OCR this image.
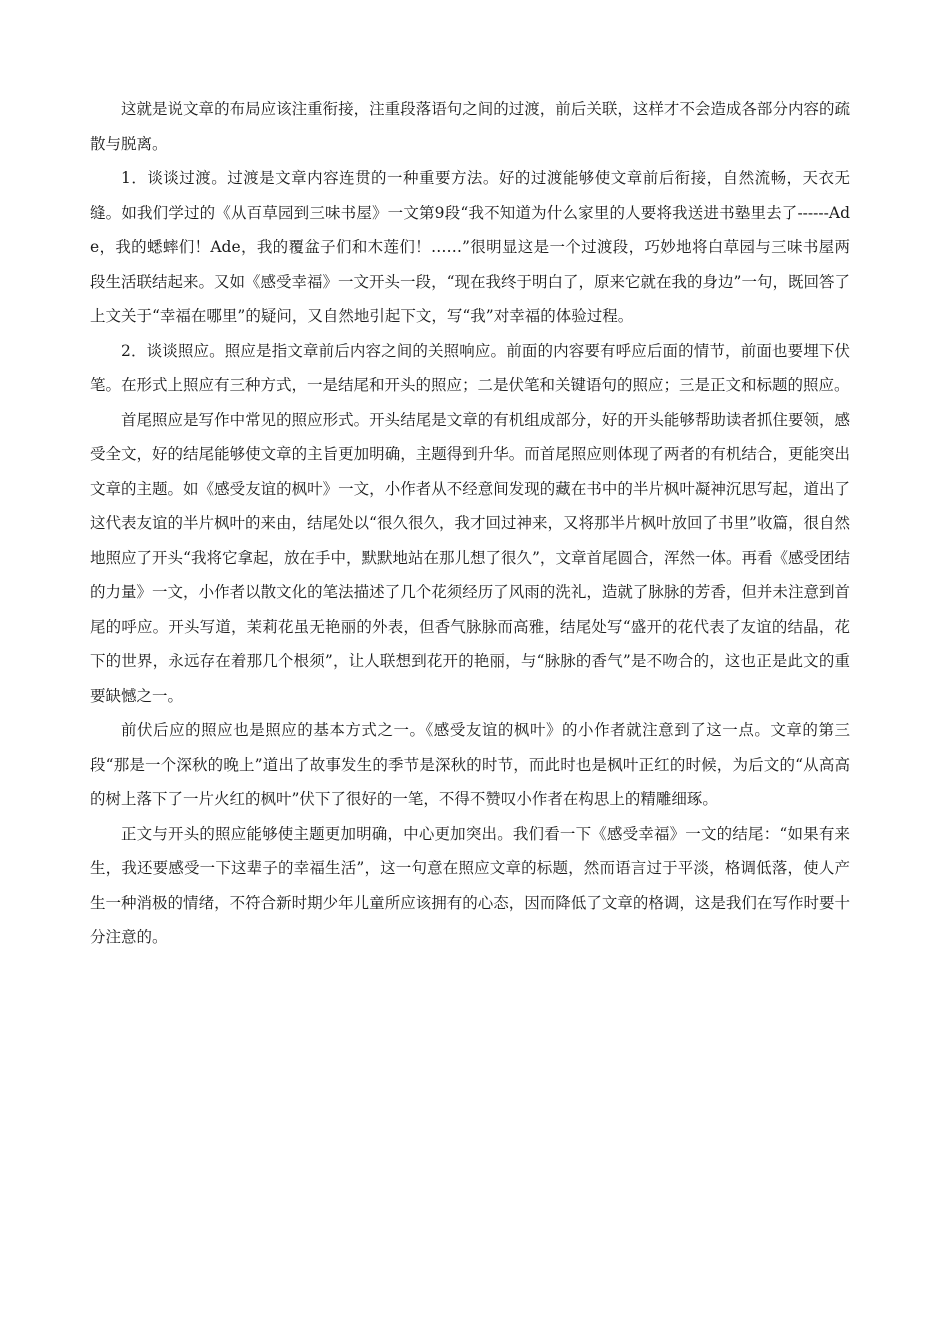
这就是说文章的布局应该注重衔接，注重段落语句之间的过渡，前后关联，这样才不会造成各部分内容的疏散与脱离。

1．谈谈过渡。过渡是文章内容连贯的一种重要方法。好的过渡能够使文章前后衔接，自然流畅，天衣无缝。如我们学过的《从百草园到三味书屋》一文第9段“我不知道为什么家里的人要将我送进书塾里去了------Ade，我的蟋蟀们！Ade，我的覆盆子们和木莲们！……”很明显这是一个过渡段，巧妙地将白草园与三味书屋两段生活联结起来。又如《感受幸福》一文开头一段，“现在我终于明白了，原来它就在我的身边”一句，既回答了上文关于“幸福在哪里”的疑问，又自然地引起下文，写“我”对幸福的体验过程。

2．谈谈照应。照应是指文章前后内容之间的关照响应。前面的内容要有呼应后面的情节，前面也要埋下伏笔。在形式上照应有三种方式，一是结尾和开头的照应；二是伏笔和关键语句的照应；三是正文和标题的照应。

首尾照应是写作中常见的照应形式。开头结尾是文章的有机组成部分，好的开头能够帮助读者抓住要领，感受全文，好的结尾能够使文章的主旨更加明确，主题得到升华。而首尾照应则体现了两者的有机结合，更能突出文章的主题。如《感受友谊的枫叶》一文，小作者从不经意间发现的藏在书中的半片枫叶凝神沉思写起，道出了这代表友谊的半片枫叶的来由，结尾处以“很久很久，我才回过神来，又将那半片枫叶放回了书里”收篇，很自然地照应了开头“我将它拿起，放在手中，默默地站在那儿想了很久”，文章首尾圆合，浑然一体。再看《感受团结的力量》一文，小作者以散文化的笔法描述了几个花须经历了风雨的洗礼，造就了脉脉的芳香，但并未注意到首尾的呼应。开头写道，茉莉花虽无艳丽的外表，但香气脉脉而高雅，结尾处写“盛开的花代表了友谊的结晶，花下的世界，永远存在着那几个根须”，让人联想到花开的艳丽，与“脉脉的香气”是不吻合的，这也正是此文的重要缺憾之一。

前伏后应的照应也是照应的基本方式之一。《感受友谊的枫叶》的小作者就注意到了这一点。文章的第三段“那是一个深秋的晚上”道出了故事发生的季节是深秋的时节，而此时也是枫叶正红的时候，为后文的“从高高的树上落下了一片火红的枫叶”伏下了很好的一笔，不得不赞叹小作者在构思上的精雕细琢。

正文与开头的照应能够使主题更加明确，中心更加突出。我们看一下《感受幸福》一文的结尾：“如果有来生，我还要感受一下这辈子的幸福生活”，这一句意在照应文章的标题，然而语言过于平淡，格调低落，使人产生一种消极的情绪，不符合新时期少年儿童所应该拥有的心态，因而降低了文章的格调，这是我们在写作时要十分注意的。
